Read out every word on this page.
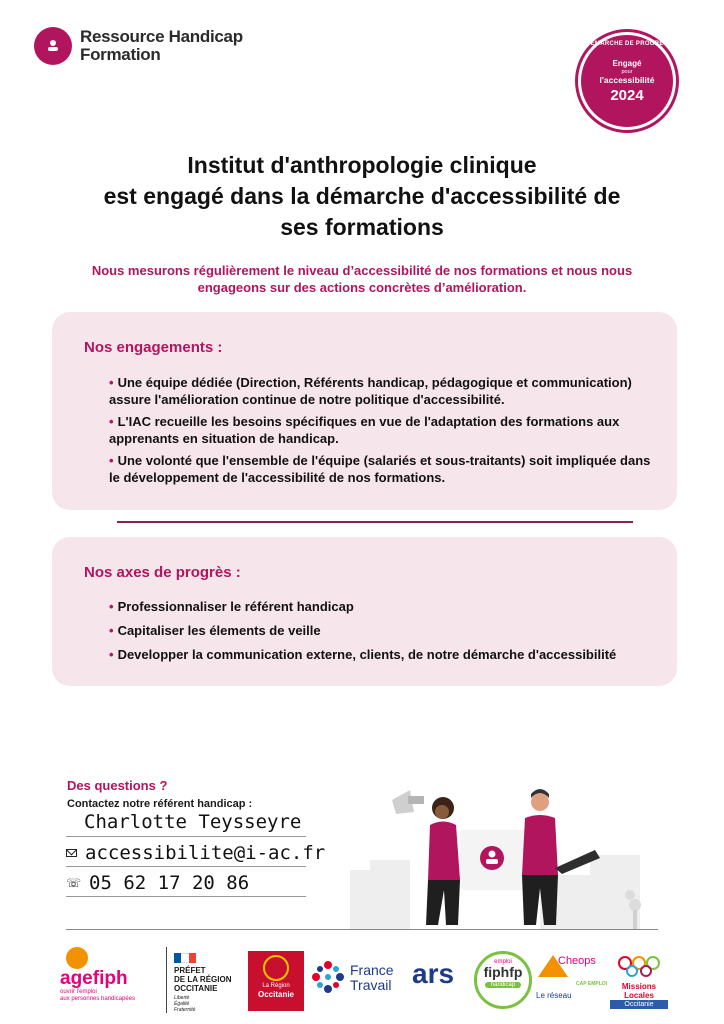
Ressource Handicap
Formation
DÉMARCHE DE PROGRÈS
Engagé
pour
l'accessibilité
2024
Institut d'anthropologie clinique
est engagé dans la démarche d'accessibilité de
ses formations
Nous mesurons régulièrement le niveau d’accessibilité de nos formations et nous nous engageons sur des actions concrètes d’amélioration.
Nos engagements :
• Une équipe dédiée (Direction, Référents handicap, pédagogique et communication) assure l'amélioration continue de notre politique d'accessibilité.
• L'IAC recueille les besoins spécifiques en vue de l'adaptation des formations aux apprenants en situation de handicap.
• Une volonté que l'ensemble de l'équipe (salariés et sous-traitants) soit impliquée dans le développement de l'accessibilité de nos formations.
Nos axes de progrès :
• Professionnaliser le référent handicap
• Capitaliser les élements de veille
• Developper la communication externe, clients, de notre démarche d'accessibilité
Des questions ?
Contactez notre référent handicap :
Charlotte Teysseyre
accessibilite@i-ac.fr
☏ 05 62 17 20 86
agefiph
ouvrir l'emploi
aux personnes handicapées
PRÉFET
DE LA RÉGION
OCCITANIE
Liberté
Égalité
Fraternité
La Région
Occitanie
France
Travail ars	emploi
fiphfp
handicap
Cheops
CAP EMPLOI
Le réseau
Missions Locales
Occitanie
